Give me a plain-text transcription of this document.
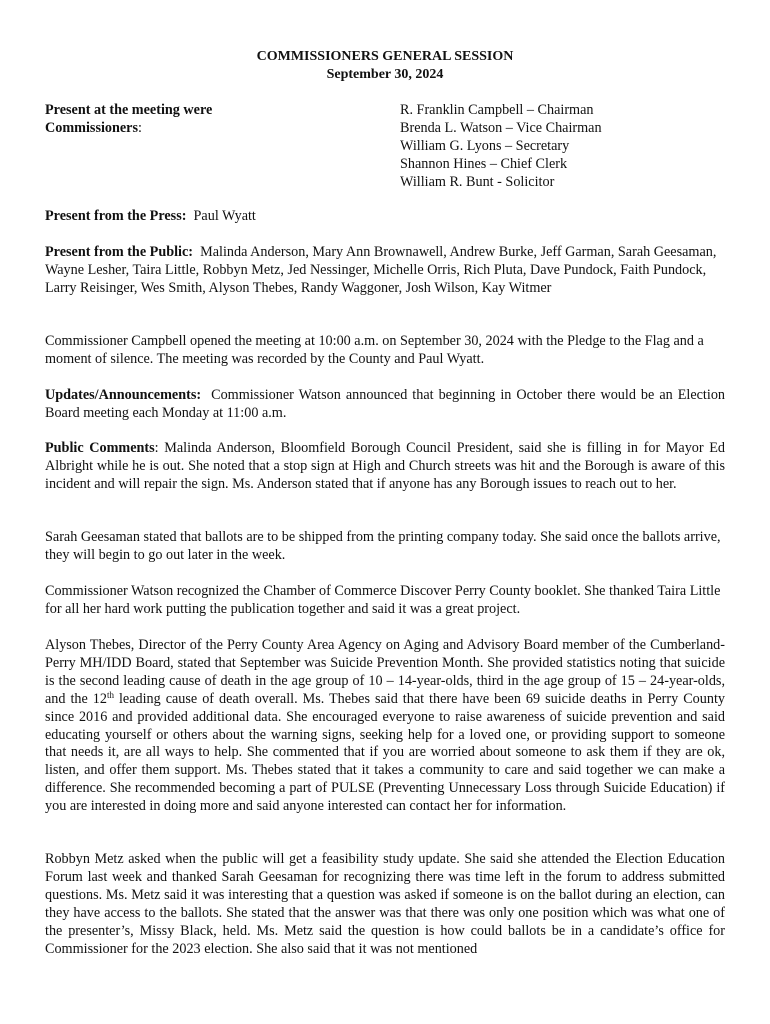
COMMISSIONERS GENERAL SESSION
September 30, 2024
Present at the meeting were
Commissioners:
R. Franklin Campbell – Chairman
Brenda L. Watson – Vice Chairman
William G. Lyons – Secretary
Shannon Hines – Chief Clerk
William R. Bunt - Solicitor
Present from the Press: Paul Wyatt
Present from the Public: Malinda Anderson, Mary Ann Brownawell, Andrew Burke, Jeff Garman, Sarah Geesaman, Wayne Lesher, Taira Little, Robbyn Metz, Jed Nessinger, Michelle Orris, Rich Pluta, Dave Pundock, Faith Pundock, Larry Reisinger, Wes Smith, Alyson Thebes, Randy Waggoner, Josh Wilson, Kay Witmer
Commissioner Campbell opened the meeting at 10:00 a.m. on September 30, 2024 with the Pledge to the Flag and a moment of silence. The meeting was recorded by the County and Paul Wyatt.
Updates/Announcements: Commissioner Watson announced that beginning in October there would be an Election Board meeting each Monday at 11:00 a.m.
Public Comments: Malinda Anderson, Bloomfield Borough Council President, said she is filling in for Mayor Ed Albright while he is out. She noted that a stop sign at High and Church streets was hit and the Borough is aware of this incident and will repair the sign. Ms. Anderson stated that if anyone has any Borough issues to reach out to her.
Sarah Geesaman stated that ballots are to be shipped from the printing company today. She said once the ballots arrive, they will begin to go out later in the week.
Commissioner Watson recognized the Chamber of Commerce Discover Perry County booklet. She thanked Taira Little for all her hard work putting the publication together and said it was a great project.
Alyson Thebes, Director of the Perry County Area Agency on Aging and Advisory Board member of the Cumberland-Perry MH/IDD Board, stated that September was Suicide Prevention Month. She provided statistics noting that suicide is the second leading cause of death in the age group of 10 – 14-year-olds, third in the age group of 15 – 24-year-olds, and the 12th leading cause of death overall. Ms. Thebes said that there have been 69 suicide deaths in Perry County since 2016 and provided additional data. She encouraged everyone to raise awareness of suicide prevention and said educating yourself or others about the warning signs, seeking help for a loved one, or providing support to someone that needs it, are all ways to help. She commented that if you are worried about someone to ask them if they are ok, listen, and offer them support. Ms. Thebes stated that it takes a community to care and said together we can make a difference. She recommended becoming a part of PULSE (Preventing Unnecessary Loss through Suicide Education) if you are interested in doing more and said anyone interested can contact her for information.
Robbyn Metz asked when the public will get a feasibility study update. She said she attended the Election Education Forum last week and thanked Sarah Geesaman for recognizing there was time left in the forum to address submitted questions. Ms. Metz said it was interesting that a question was asked if someone is on the ballot during an election, can they have access to the ballots. She stated that the answer was that there was only one position which was what one of the presenter’s, Missy Black, held. Ms. Metz said the question is how could ballots be in a candidate’s office for Commissioner for the 2023 election. She also said that it was not mentioned
